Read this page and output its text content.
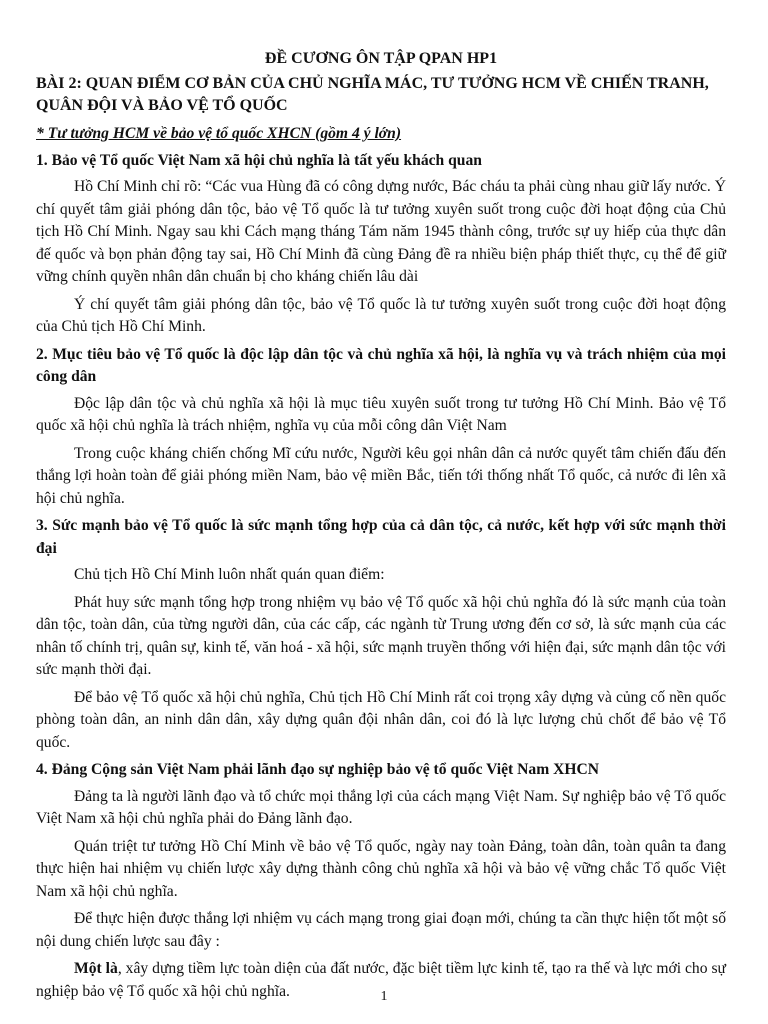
ĐỀ CƯƠNG ÔN TẬP QPAN HP1
BÀI 2: QUAN ĐIỂM CƠ BẢN CỦA CHỦ NGHĨA MÁC, TƯ TƯỞNG HCM VỀ CHIẾN TRANH, QUÂN ĐỘI VÀ BẢO VỆ TỔ QUỐC
* Tư tưởng HCM về bảo vệ tổ quốc XHCN (gồm 4 ý lớn)
1. Bảo vệ Tổ quốc Việt Nam xã hội chủ nghĩa là tất yếu khách quan
Hồ Chí Minh chỉ rõ: “Các vua Hùng đã có công dựng nước, Bác cháu ta phải cùng nhau giữ lấy nước. Ý chí quyết tâm giải phóng dân tộc, bảo vệ Tổ quốc là tư tưởng xuyên suốt trong cuộc đời hoạt động của Chủ tịch Hồ Chí Minh. Ngay sau khi Cách mạng tháng Tám năm 1945 thành công, trước sự uy hiếp của thực dân đế quốc và bọn phản động tay sai, Hồ Chí Minh đã cùng Đảng đề ra nhiều biện pháp thiết thực, cụ thể để giữ vững chính quyền nhân dân chuẩn bị cho kháng chiến lâu dài
Ý chí quyết tâm giải phóng dân tộc, bảo vệ Tổ quốc là tư tưởng xuyên suốt trong cuộc đời hoạt động của Chủ tịch Hồ Chí Minh.
2. Mục tiêu bảo vệ Tổ quốc là độc lập dân tộc và chủ nghĩa xã hội, là nghĩa vụ và trách nhiệm của mọi công dân
Độc lập dân tộc và chủ nghĩa xã hội là mục tiêu xuyên suốt trong tư tưởng Hồ Chí Minh. Bảo vệ Tổ quốc xã hội chủ nghĩa là trách nhiệm, nghĩa vụ của mỗi công dân Việt Nam
Trong cuộc kháng chiến chống Mĩ cứu nước, Người kêu gọi nhân dân cả nước quyết tâm chiến đấu đến thắng lợi hoàn toàn để giải phóng miền Nam, bảo vệ miền Bắc, tiến tới thống nhất Tổ quốc, cả nước đi lên xã hội chủ nghĩa.
3. Sức mạnh bảo vệ Tổ quốc là sức mạnh tổng hợp của cả dân tộc, cả nước, kết hợp với sức mạnh thời đại
Chủ tịch Hồ Chí Minh luôn nhất quán quan điểm:
Phát huy sức mạnh tổng hợp trong nhiệm vụ bảo vệ Tổ quốc xã hội chủ nghĩa đó là sức mạnh của toàn dân tộc, toàn dân, của từng người dân, của các cấp, các ngành từ Trung ương đến cơ sở, là sức mạnh của các nhân tố chính trị, quân sự, kinh tế, văn hoá - xã hội, sức mạnh truyền thống với hiện đại, sức mạnh dân tộc với sức mạnh thời đại.
Để bảo vệ Tổ quốc xã hội chủ nghĩa, Chủ tịch Hồ Chí Minh rất coi trọng xây dựng và củng cố nền quốc phòng toàn dân, an ninh dân dân, xây dựng quân đội nhân dân, coi đó là lực lượng chủ chốt để bảo vệ Tổ quốc.
4. Đảng Cộng sản Việt Nam phải lãnh đạo sự nghiệp bảo vệ tổ quốc Việt Nam XHCN
Đảng ta là người lãnh đạo và tổ chức mọi thắng lợi của cách mạng Việt Nam. Sự nghiệp bảo vệ Tổ quốc Việt Nam xã hội chủ nghĩa phải do Đảng lãnh đạo.
Quán triệt tư tưởng Hồ Chí Minh về bảo vệ Tổ quốc, ngày nay toàn Đảng, toàn dân, toàn quân ta đang thực hiện hai nhiệm vụ chiến lược xây dựng thành công chủ nghĩa xã hội và bảo vệ vững chắc Tổ quốc Việt Nam xã hội chủ nghĩa.
Để thực hiện được thắng lợi nhiệm vụ cách mạng trong giai đoạn mới, chúng ta cần thực hiện tốt một số nội dung chiến lược sau đây :
Một là, xây dựng tiềm lực toàn diện của đất nước, đặc biệt tiềm lực kinh tế, tạo ra thế và lực mới cho sự nghiệp bảo vệ Tổ quốc xã hội chủ nghĩa.	1
